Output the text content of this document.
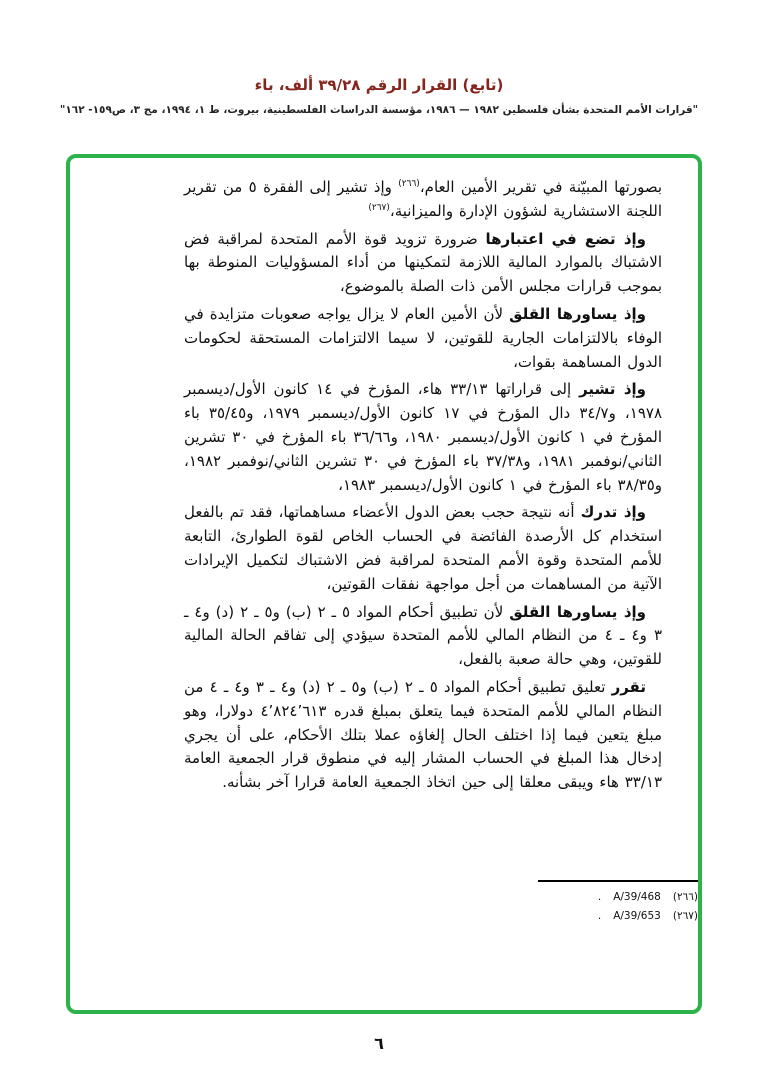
(تابع) القرار الرقم ٣٩/٢٨ ألف، باء
"قرارات الأمم المتحدة بشأن فلسطين ١٩٨٢ — ١٩٨٦، مؤسسة الدراسات الفلسطينية، بيروت، ط ١، ١٩٩٤، مج ٣، ص١٥٩- ١٦٢"

بصورتها المبيّنة في تقرير الأمين العام،$^{(٢٦٦)}$ وإذ تشير إلى الفقرة ٥ من تقرير اللجنة الاستشارية لشؤون الإدارة والميزانية،$^{(٢٦٧)}$

وإذ تضع في اعتبارها ضرورة تزويد قوة الأمم المتحدة لمراقبة فض الاشتباك بالموارد المالية اللازمة لتمكينها من أداء المسؤوليات المنوطة بها بموجب قرارات مجلس الأمن ذات الصلة بالموضوع،

وإذ يساورها القلق لأن الأمين العام لا يزال يواجه صعوبات متزايدة في الوفاء بالالتزامات الجارية للقوتين، لا سيما الالتزامات المستحقة لحكومات الدول المساهمة بقوات،

وإذ تشير إلى قراراتها ٣٣/١٣ هاء، المؤرخ في ١٤ كانون الأول/ديسمبر ١٩٧٨، و٣٤/٧ دال المؤرخ في ١٧ كانون الأول/ديسمبر ١٩٧٩، و٣٥/٤٥ باء المؤرخ في ١ كانون الأول/ديسمبر ١٩٨٠، و٣٦/٦٦ باء المؤرخ في ٣٠ تشرين الثاني/نوفمبر ١٩٨١، و٣٧/٣٨ باء المؤرخ في ٣٠ تشرين الثاني/نوفمبر ١٩٨٢، و٣٨/٣٥ باء المؤرخ في ١ كانون الأول/ديسمبر ١٩٨٣،

وإذ تدرك أنه نتيجة حجب بعض الدول الأعضاء مساهماتها، فقد تم بالفعل استخدام كل الأرصدة الفائضة في الحساب الخاص لقوة الطوارئ، التابعة للأمم المتحدة وقوة الأمم المتحدة لمراقبة فض الاشتباك لتكميل الإيرادات الآتية من المساهمات من أجل مواجهة نفقات القوتين،

وإذ يساورها القلق لأن تطبيق أحكام المواد ٥ ـ ٢ (ب) و٥ ـ ٢ (د) و٤ ـ ٣ و٤ ـ ٤ من النظام المالي للأمم المتحدة سيؤدي إلى تفاقم الحالة المالية للقوتين، وهي حالة صعبة بالفعل،

تقرر تعليق تطبيق أحكام المواد ٥ ـ ٢ (ب) و٥ ـ ٢ (د) و٤ ـ ٣ و٤ ـ ٤ من النظام المالي للأمم المتحدة فيما يتعلق بمبلغ قدره ٤٬٨٢٤٬٦١٣ دولارا، وهو مبلغ يتعين فيما إذا اختلف الحال إلغاؤه عملا بتلك الأحكام، على أن يجري إدخال هذا المبلغ في الحساب المشار إليه في منطوق قرار الجمعية العامة ٣٣/١٣ هاء ويبقى معلقا إلى حين اتخاذ الجمعية العامة قرارا آخر بشأنه.

(٢٦٦)
A/39/468
.
(٢٦٧)
A/39/653
.
٦
